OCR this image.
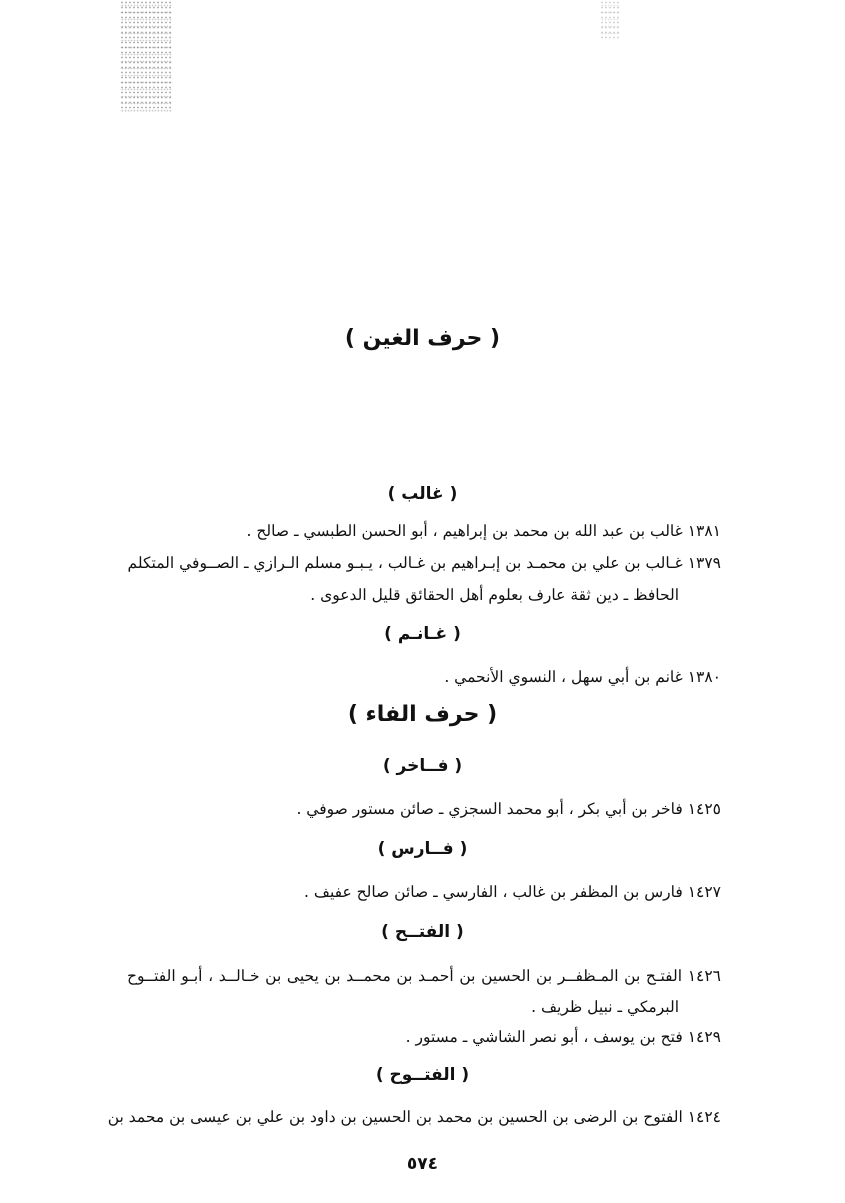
( حرف الغين )
( غالب )
١٣٨١ غالب بن عبد الله بن محمد بن إبراهيم ، أبو الحسن الطبسي ـ صالح .
١٣٧٩ غـالب بن علي بن محمـد بن إبـراهيم بن غـالب ، يـبـو مسلم الـرازي ـ الصــوفي المتكلم
الحافظ ـ دين ثقة عارف بعلوم أهل الحقائق قليل الدعوى .
( غـانـم )
١٣٨٠ غانم بن أبي سهل ، النسوي الأنحمي .
( حرف الفاء )
( فــاخر )
١٤٢٥ فاخر بن أبي بكر ، أبو محمد السجزي ـ صائن مستور صوفي .
( فــارس )
١٤٢٧ فارس بن المظفر بن غالب ، الفارسي ـ صائن صالح عفيف .
( الفتــح )
١٤٢٦ الفتـح بن المـظفــر بن الحسين بن أحمـد بن محمــد بن يحيى بن خـالــد ، أبـو الفتــوح
البرمكي ـ نبيل ظريف .
١٤٢٩ فتح بن يوسف ، أبو نصر الشاشي ـ مستور .
( الفتــوح )
١٤٢٤ الفتوح بن الرضى بن الحسين بن محمد بن الحسين بن داود بن علي بن عيسى بن محمد بن
٥٧٤
